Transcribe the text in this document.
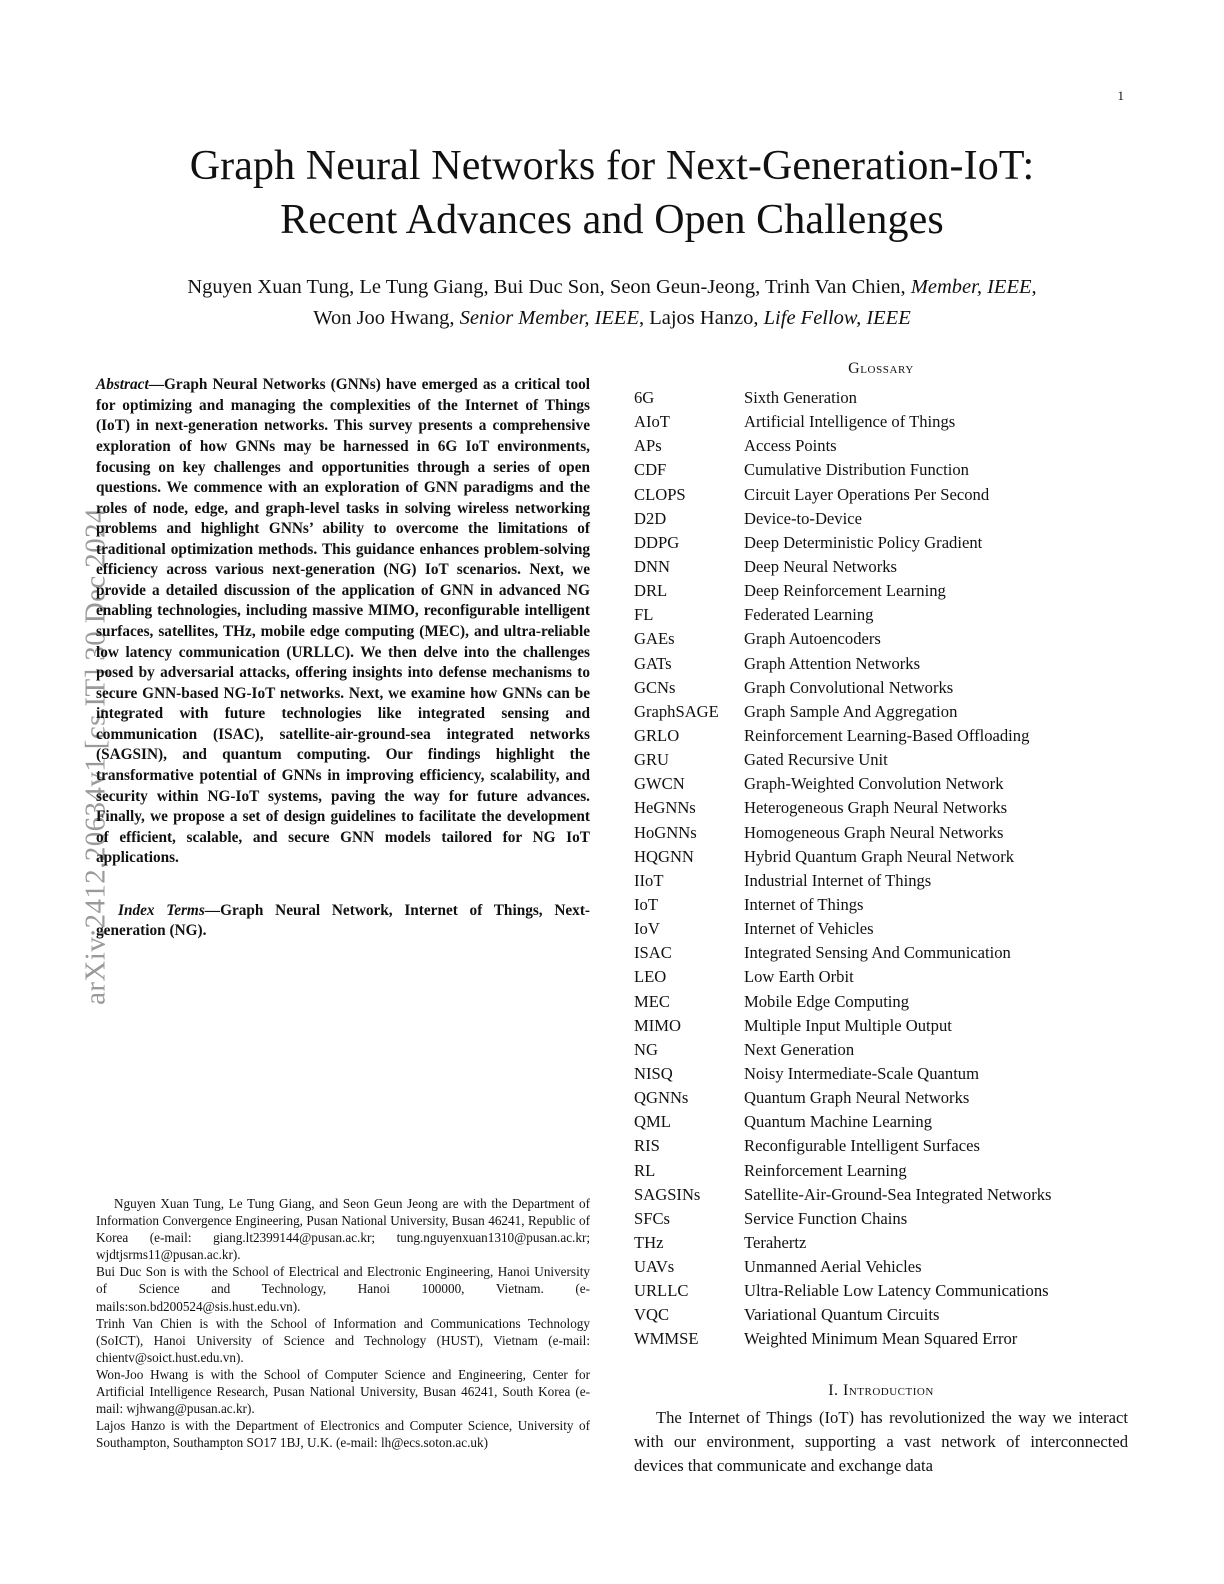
arXiv:2412.20634v1 [cs.IT] 30 Dec 2024
1
Graph Neural Networks for Next-Generation-IoT:
Recent Advances and Open Challenges
Nguyen Xuan Tung, Le Tung Giang, Bui Duc Son, Seon Geun-Jeong, Trinh Van Chien, Member, IEEE,
Won Joo Hwang, Senior Member, IEEE, Lajos Hanzo, Life Fellow, IEEE

Abstract—Graph Neural Networks (GNNs) have emerged as a critical tool for optimizing and managing the complexities of the Internet of Things (IoT) in next-generation networks. This survey presents a comprehensive exploration of how GNNs may be harnessed in 6G IoT environments, focusing on key challenges and opportunities through a series of open questions. We commence with an exploration of GNN paradigms and the roles of node, edge, and graph-level tasks in solving wireless networking problems and highlight GNNs’ ability to overcome the limitations of traditional optimization methods. This guidance enhances problem-solving efficiency across various next-generation (NG) IoT scenarios. Next, we provide a detailed discussion of the application of GNN in advanced NG enabling technologies, including massive MIMO, reconfigurable intelligent surfaces, satellites, THz, mobile edge computing (MEC), and ultra-reliable low latency communication (URLLC). We then delve into the challenges posed by adversarial attacks, offering insights into defense mechanisms to secure GNN-based NG-IoT networks. Next, we examine how GNNs can be integrated with future technologies like integrated sensing and communication (ISAC), satellite-air-ground-sea integrated networks (SAGSIN), and quantum computing. Our findings highlight the transformative potential of GNNs in improving efficiency, scalability, and security within NG-IoT systems, paving the way for future advances. Finally, we propose a set of design guidelines to facilitate the development of efficient, scalable, and secure GNN models tailored for NG IoT applications.

Index Terms—Graph Neural Network, Internet of Things, Next-generation (NG).

Nguyen Xuan Tung, Le Tung Giang, and Seon Geun Jeong are with the Department of Information Convergence Engineering, Pusan National University, Busan 46241, Republic of Korea (e-mail: giang.lt2399144@pusan.ac.kr; tung.nguyenxuan1310@pusan.ac.kr; wjdtjsrms11@pusan.ac.kr).

Bui Duc Son is with the School of Electrical and Electronic Engineering, Hanoi University of Science and Technology, Hanoi 100000, Vietnam. (e-mails:son.bd200524@sis.hust.edu.vn).

Trinh Van Chien is with the School of Information and Communications Technology (SoICT), Hanoi University of Science and Technology (HUST), Vietnam (e-mail: chientv@soict.hust.edu.vn).

Won-Joo Hwang is with the School of Computer Science and Engineering, Center for Artificial Intelligence Research, Pusan National University, Busan 46241, South Korea (e-mail: wjhwang@pusan.ac.kr).

Lajos Hanzo is with the Department of Electronics and Computer Science, University of Southampton, Southampton SO17 1BJ, U.K. (e-mail: lh@ecs.soton.ac.uk)

Glossary
6G	Sixth Generation
AIoT	Artificial Intelligence of Things
APs	Access Points
CDF	Cumulative Distribution Function
CLOPS	Circuit Layer Operations Per Second
D2D	Device-to-Device
DDPG	Deep Deterministic Policy Gradient
DNN	Deep Neural Networks
DRL	Deep Reinforcement Learning
FL	Federated Learning
GAEs	Graph Autoencoders
GATs	Graph Attention Networks
GCNs	Graph Convolutional Networks
GraphSAGE	Graph Sample And Aggregation
GRLO	Reinforcement Learning-Based Offloading
GRU	Gated Recursive Unit
GWCN	Graph-Weighted Convolution Network
HeGNNs	Heterogeneous Graph Neural Networks
HoGNNs	Homogeneous Graph Neural Networks
HQGNN	Hybrid Quantum Graph Neural Network
IIoT	Industrial Internet of Things
IoT	Internet of Things
IoV	Internet of Vehicles
ISAC	Integrated Sensing And Communication
LEO	Low Earth Orbit
MEC	Mobile Edge Computing
MIMO	Multiple Input Multiple Output
NG	Next Generation
NISQ	Noisy Intermediate-Scale Quantum
QGNNs	Quantum Graph Neural Networks
QML	Quantum Machine Learning
RIS	Reconfigurable Intelligent Surfaces
RL	Reinforcement Learning
SAGSINs	Satellite-Air-Ground-Sea Integrated Networks
SFCs	Service Function Chains
THz	Terahertz
UAVs	Unmanned Aerial Vehicles
URLLC	Ultra-Reliable Low Latency Communications
VQC	Variational Quantum Circuits
WMMSE	Weighted Minimum Mean Squared Error
I. Introduction

The Internet of Things (IoT) has revolutionized the way we interact with our environment, supporting a vast network of interconnected devices that communicate and exchange data
